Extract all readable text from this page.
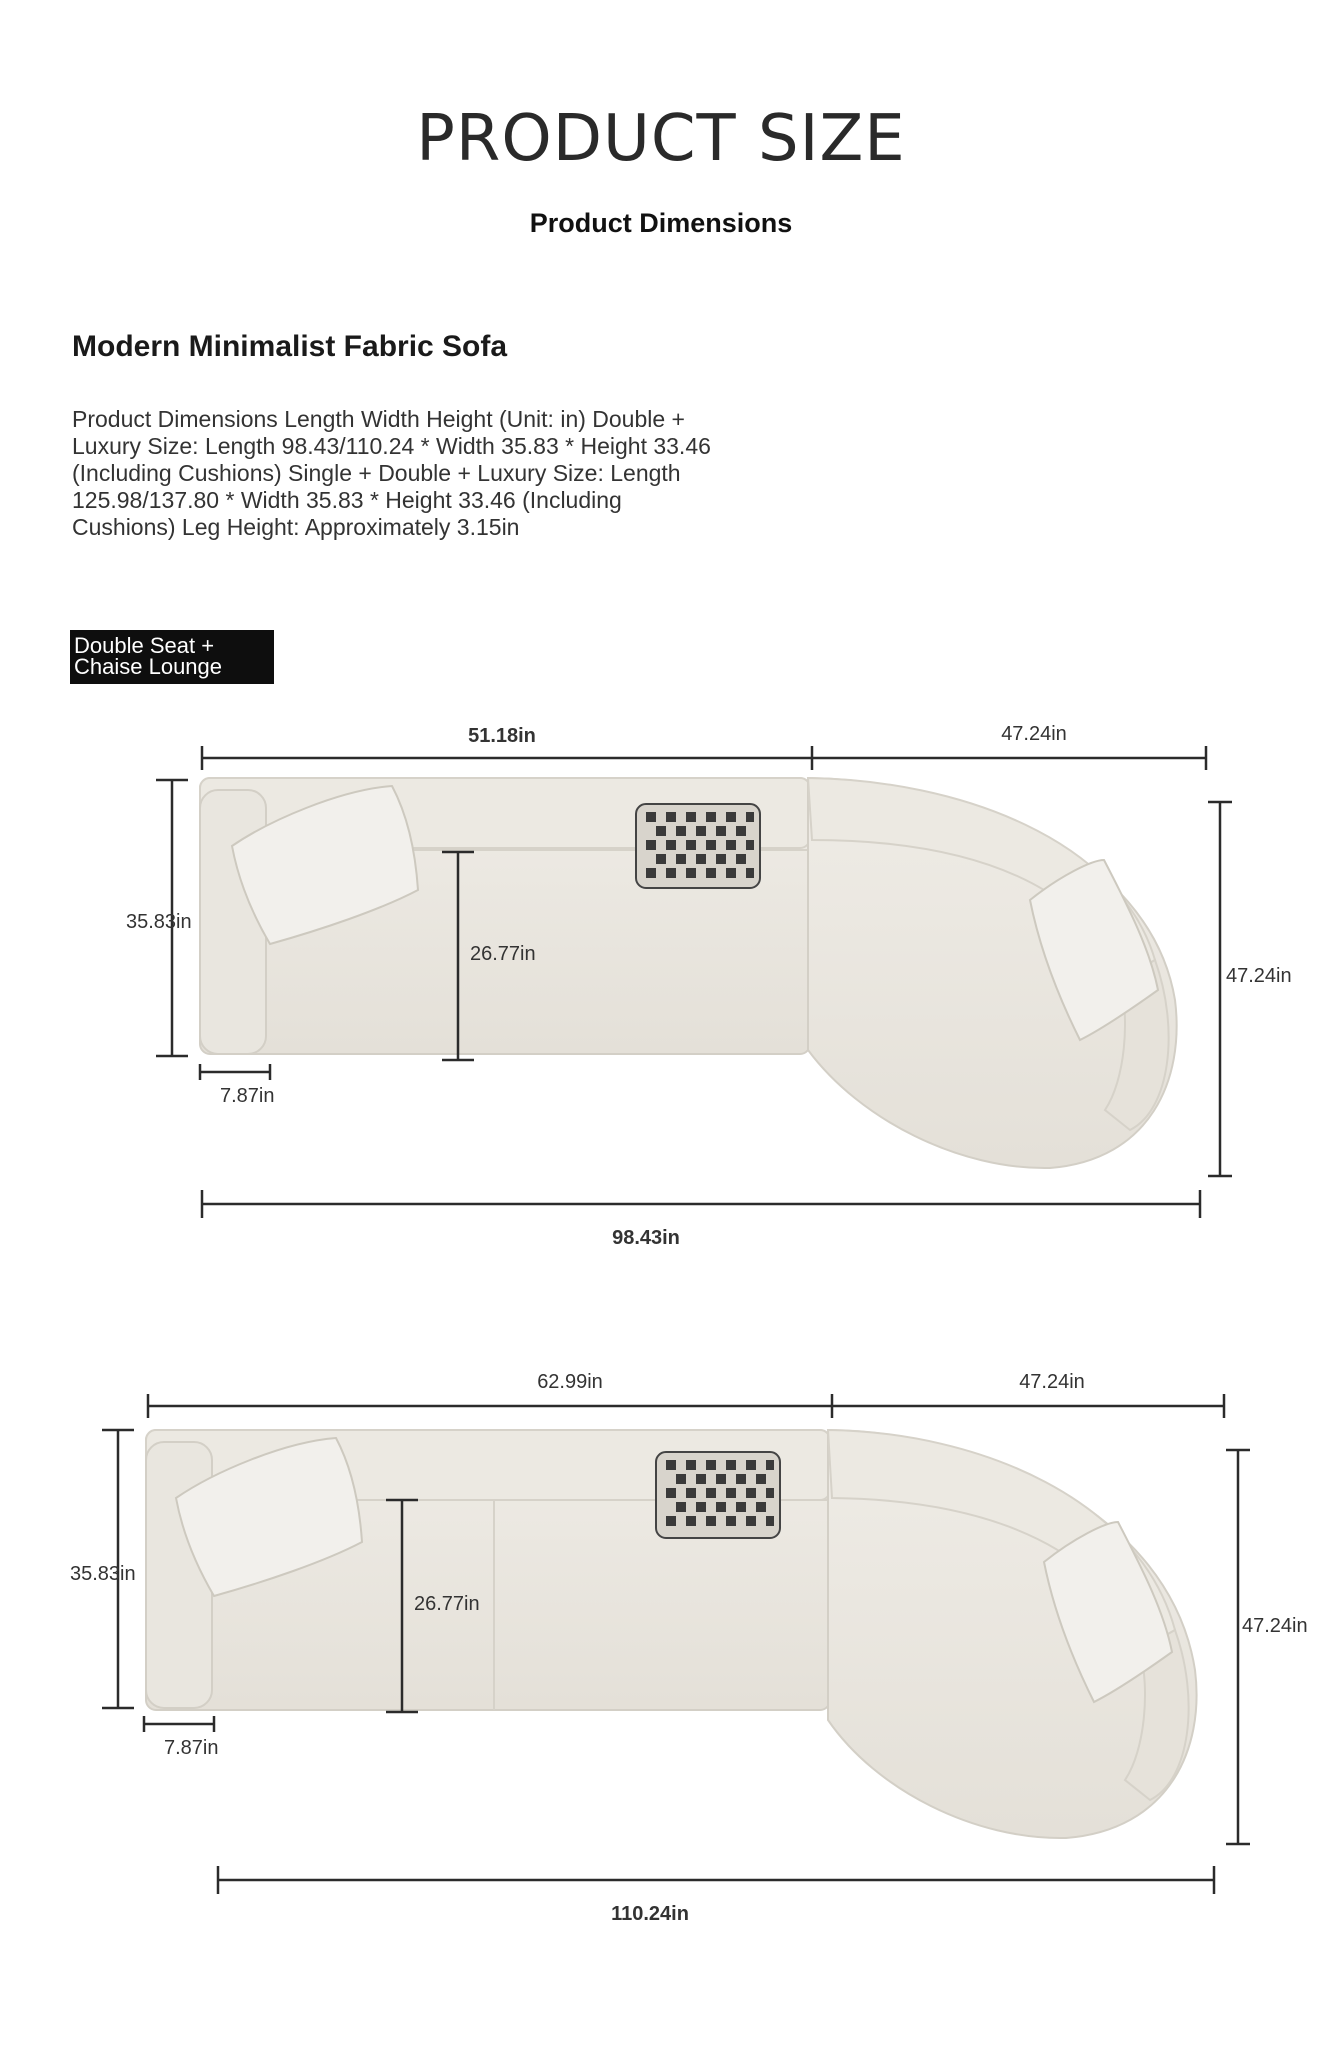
PRODUCT SIZE
Product Dimensions
Modern Minimalist Fabric Sofa
Product Dimensions Length Width Height (Unit: in) Double + Luxury Size: Length 98.43/110.24 * Width 35.83 * Height 33.46 (Including Cushions) Single + Double + Luxury Size: Length 125.98/137.80 * Width 35.83 * Height 33.46 (Including Cushions) Leg Height: Approximately 3.15in
Double Seat +
Chaise Lounge
51.18in	47.24in
35.83in
26.77in
7.87in
47.24in
98.43in
62.99in	47.24in
35.83in
26.77in
7.87in
47.24in
110.24in
